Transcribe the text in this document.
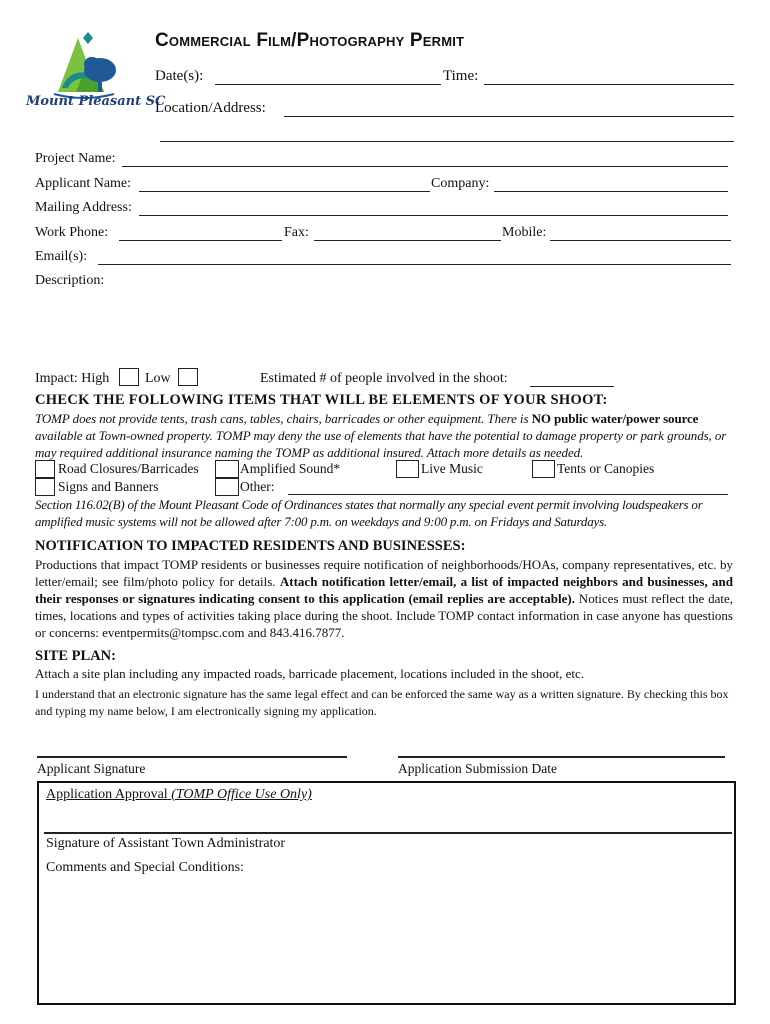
Mount Pleasant SC
Commercial Film/Photography Permit
Date(s):	Time:
Location/Address:
Project Name:
Applicant Name:	Company:
Mailing Address:
Work Phone:	Fax:	Mobile:
Email(s):
Description:
Impact: High	Low	Estimated # of people involved in the shoot:
CHECK THE FOLLOWING ITEMS THAT WILL BE ELEMENTS OF YOUR SHOOT:
TOMP does not provide tents, trash cans, tables, chairs, barricades or other equipment. There is NO public water/power source available at Town-owned property. TOMP may deny the use of elements that have the potential to damage property or park grounds, or may required additional insurance naming the TOMP as additional insured. Attach more details as needed.
Road Closures/Barricades	Amplified Sound*	Live Music	Tents or Canopies
Signs and Banners	Other:
Section 116.02(B) of the Mount Pleasant Code of Ordinances states that normally any special event permit involving loudspeakers or amplified music systems will not be allowed after 7:00 p.m. on weekdays and 9:00 p.m. on Fridays and Saturdays.
NOTIFICATION TO IMPACTED RESIDENTS AND BUSINESSES:
Productions that impact TOMP residents or businesses require notification of neighborhoods/HOAs, company representatives, etc. by letter/email; see film/photo policy for details. Attach notification letter/email, a list of impacted neighbors and businesses, and their responses or signatures indicating consent to this application (email replies are acceptable). Notices must reflect the date, times, locations and types of activities taking place during the shoot. Include TOMP contact information in case anyone has questions or concerns: eventpermits@tompsc.com and 843.416.7877.
SITE PLAN:
Attach a site plan including any impacted roads, barricade placement, locations included in the shoot, etc.
I understand that an electronic signature has the same legal effect and can be enforced the same way as a written signature. By checking this box and typing my name below, I am electronically signing my application.
Applicant Signature	Application Submission Date
Application Approval (TOMP Office Use Only)
Signature of Assistant Town Administrator
Comments and Special Conditions:
